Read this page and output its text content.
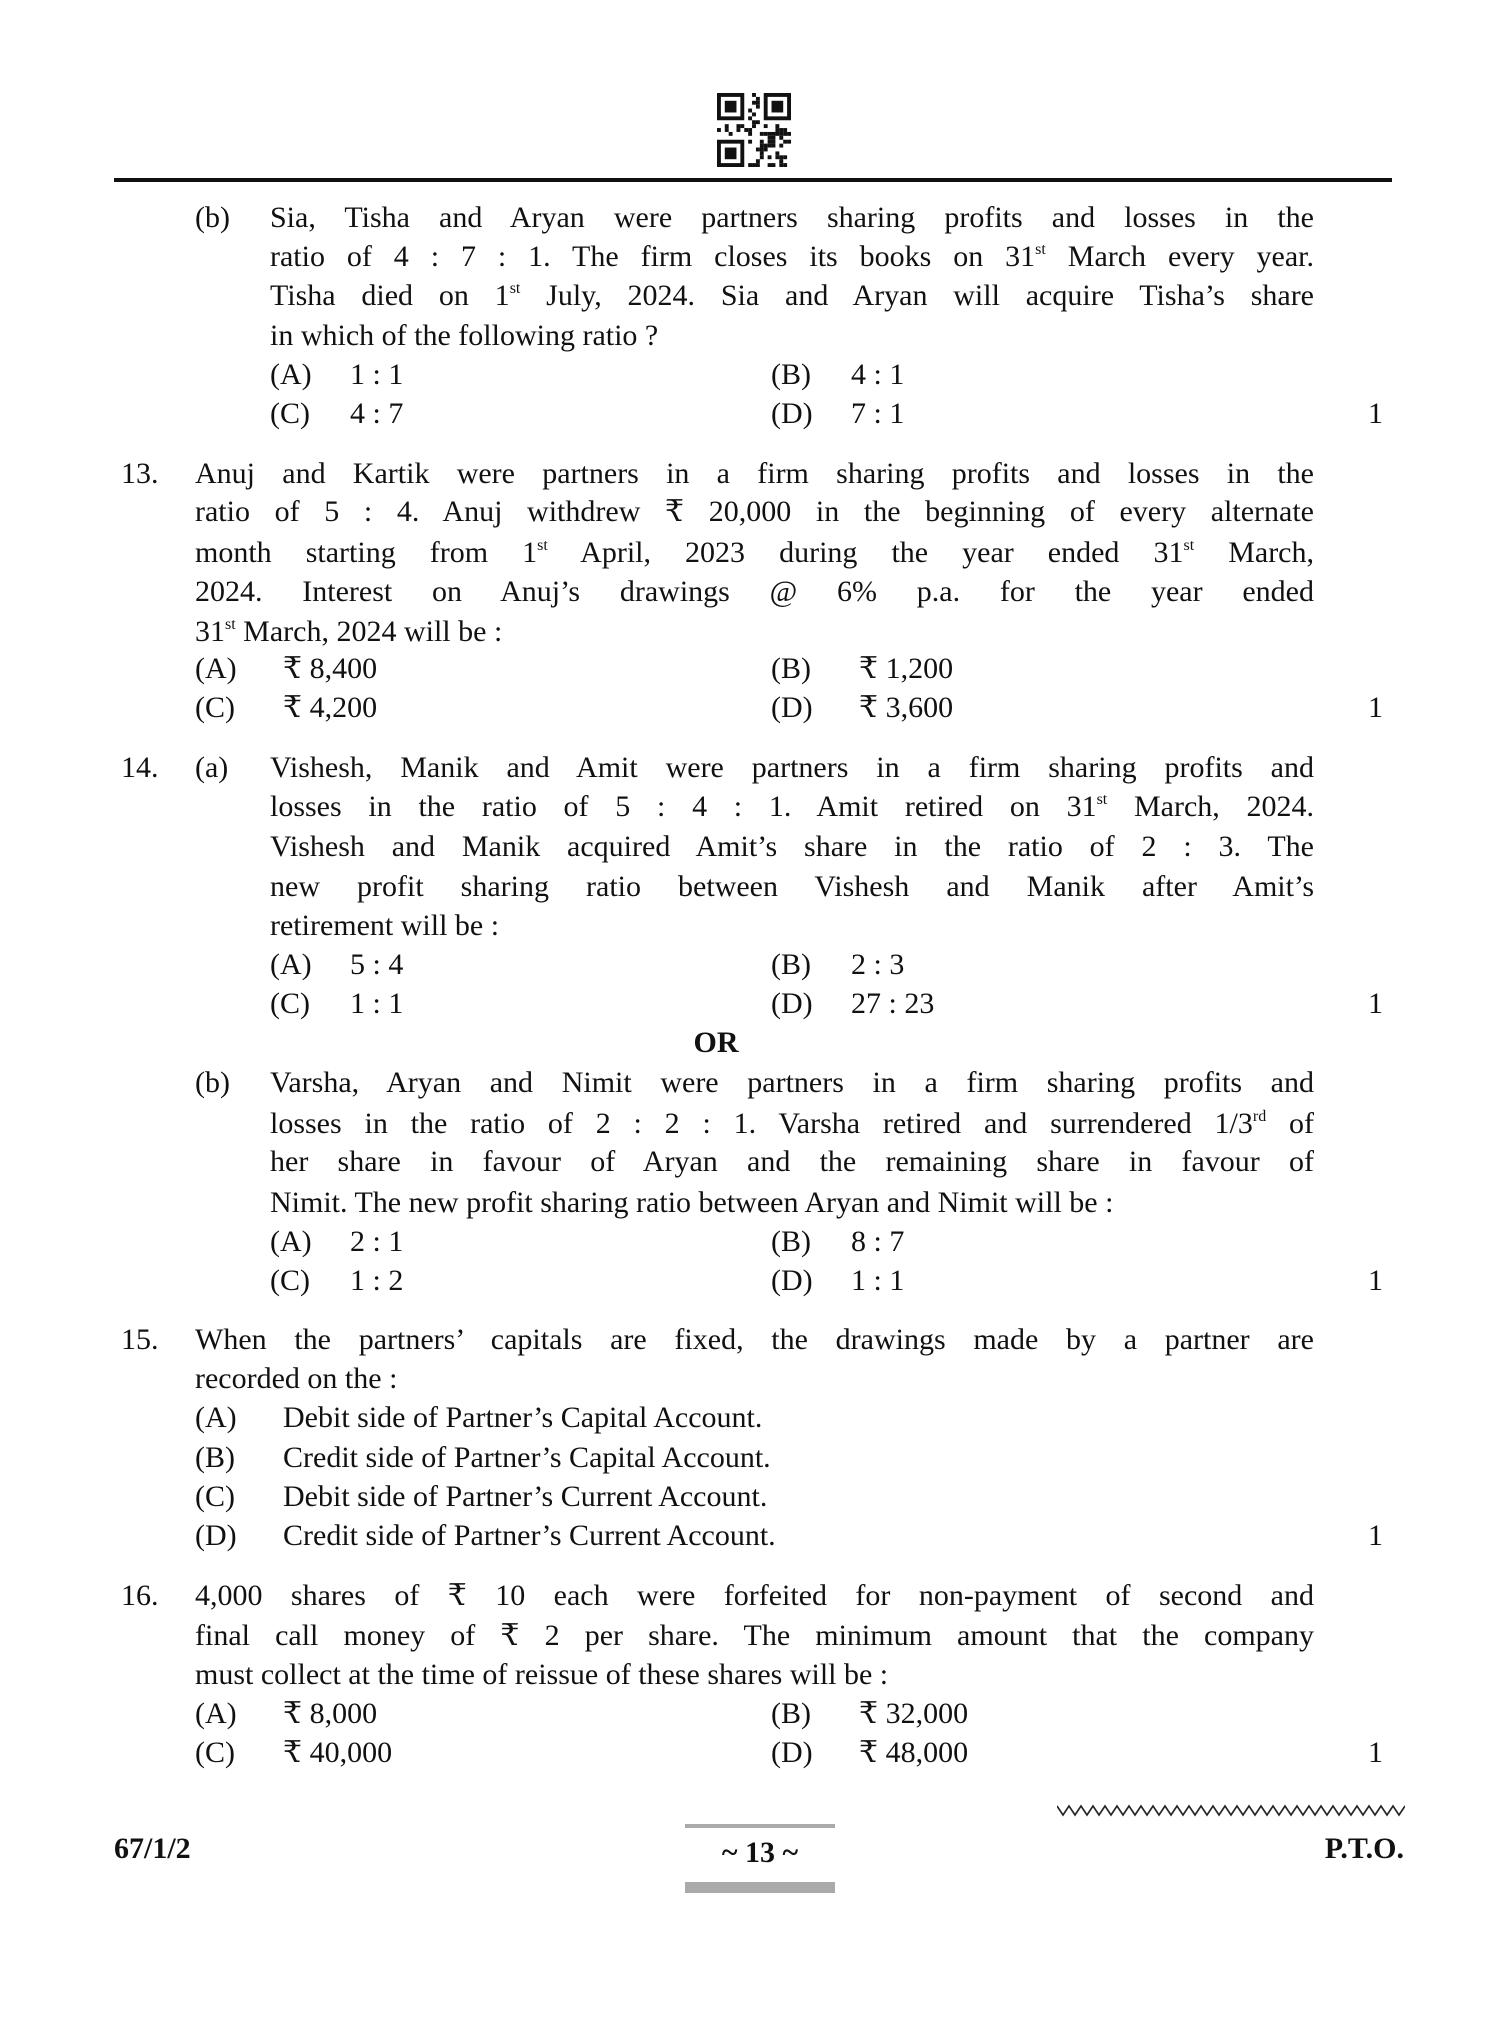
(b) Sia, Tisha and Aryan were partners sharing profits and losses in the
ratio of 4 : 7 : 1. The firm closes its books on 31st March every year.
Tisha died on 1st July, 2024. Sia and Aryan will acquire Tisha’s share
in which of the following ratio ?
(A) 1 : 1	(B) 4 : 1
(C) 4 : 7	(D) 7 : 1	1
13. Anuj and Kartik were partners in a firm sharing profits and losses in the
ratio of 5 : 4. Anuj withdrew ₹ 20,000 in the beginning of every alternate
month starting from 1st April, 2023 during the year ended 31st March,
2024. Interest on Anuj’s drawings @ 6% p.a. for the year ended
31st March, 2024 will be :
(A) ₹ 8,400	(B) ₹ 1,200
(C) ₹ 4,200	(D) ₹ 3,600	1
14. (a) Vishesh, Manik and Amit were partners in a firm sharing profits and
losses in the ratio of 5 : 4 : 1. Amit retired on 31st March, 2024.
Vishesh and Manik acquired Amit’s share in the ratio of 2 : 3. The
new profit sharing ratio between Vishesh and Manik after Amit’s
retirement will be :
(A) 5 : 4	(B) 2 : 3
(C) 1 : 1	(D) 27 : 23	1
(b) Varsha, Aryan and Nimit were partners in a firm sharing profits and
losses in the ratio of 2 : 2 : 1. Varsha retired and surrendered 1/3rd of
her share in favour of Aryan and the remaining share in favour of
Nimit. The new profit sharing ratio between Aryan and Nimit will be :
(A) 2 : 1	(B) 8 : 7
(C) 1 : 2	(D) 1 : 1	1
15. When the partners’ capitals are fixed, the drawings made by a partner are
recorded on the :
(A) Debit side of Partner’s Capital Account.
(B) Credit side of Partner’s Capital Account.
(C) Debit side of Partner’s Current Account.
(D) Credit side of Partner’s Current Account.	1
16. 4,000 shares of ₹ 10 each were forfeited for non-payment of second and
final call money of ₹ 2 per share. The minimum amount that the company
must collect at the time of reissue of these shares will be :
(A) ₹ 8,000	(B) ₹ 32,000
(C) ₹ 40,000	(D) ₹ 48,000	1
OR
67/1/2	~ 13 ~	P.T.O.
